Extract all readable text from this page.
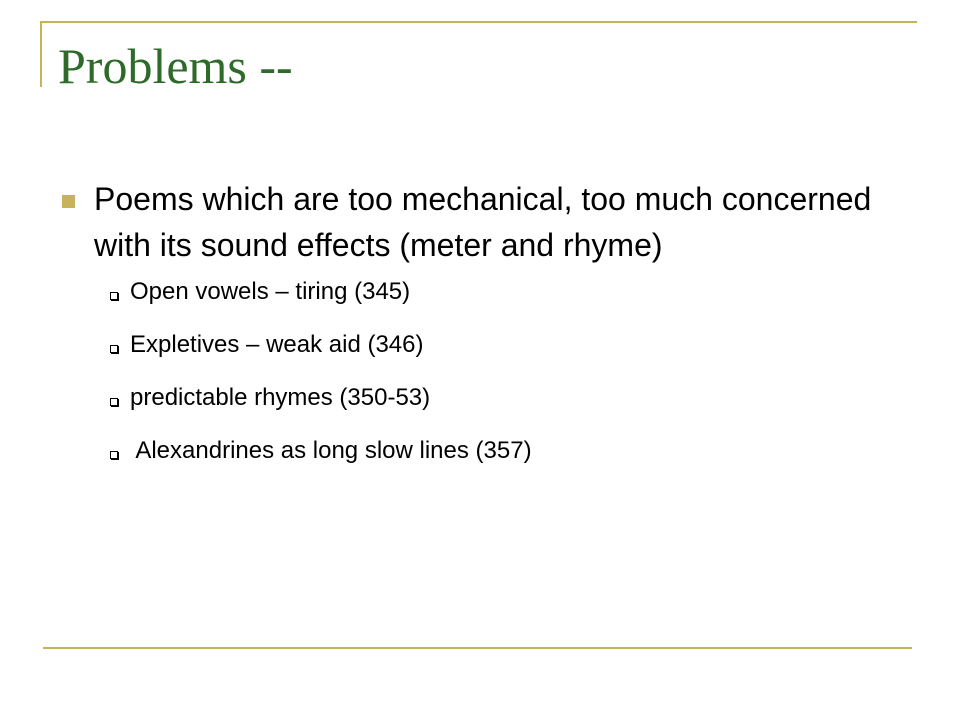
Problems --
Poems which are too mechanical, too much concerned with its sound effects (meter and rhyme)
Open vowels – tiring (345)
Expletives – weak aid (346)
predictable rhymes (350-53)
Alexandrines as long slow lines (357)
